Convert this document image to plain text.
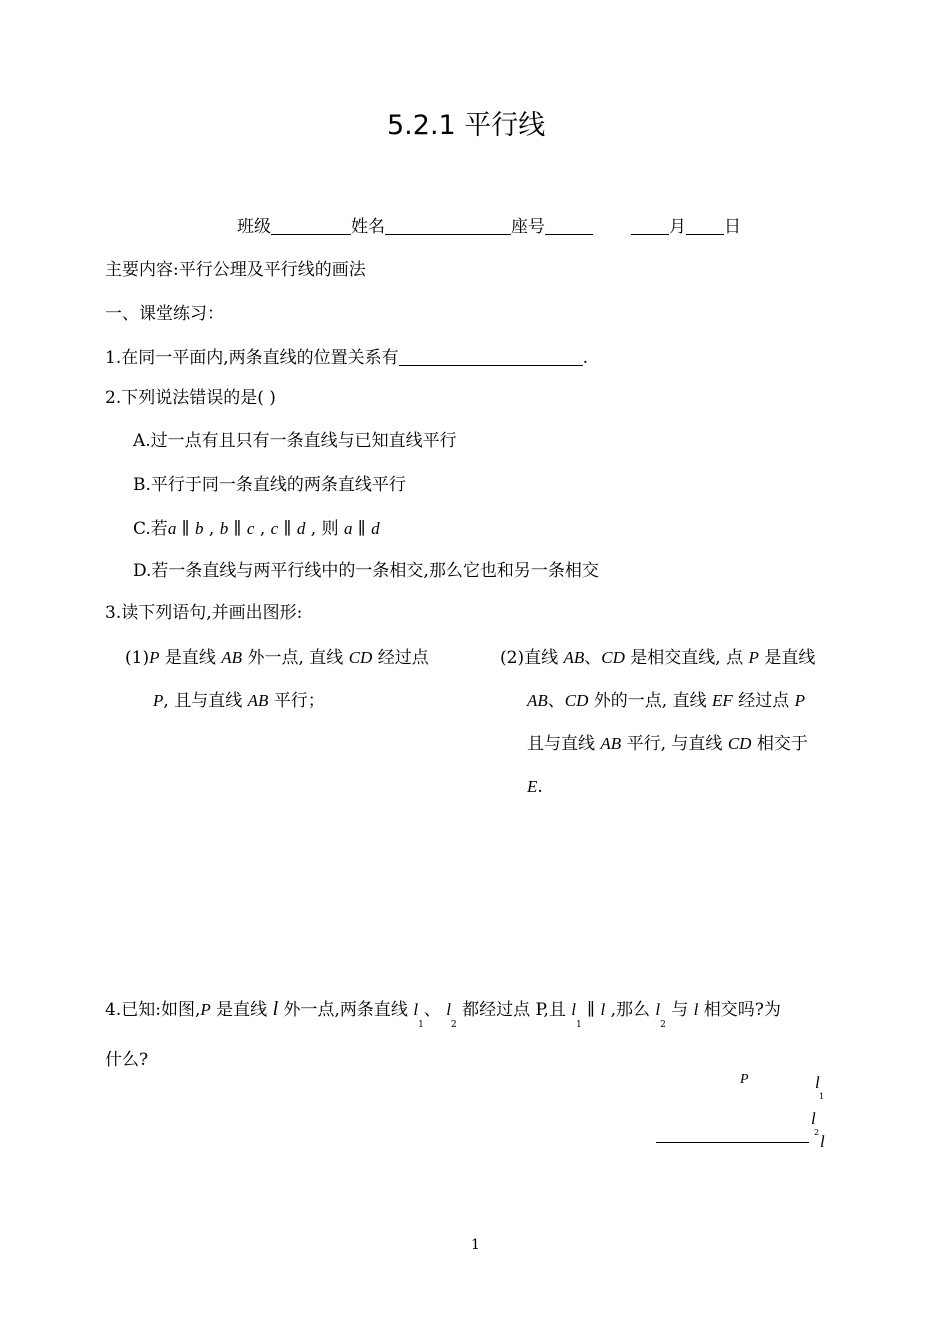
5.2.1 平行线
班级	姓名	座号	月 日
主要内容:平行公理及平行线的画法
一、课堂练习：
1.在同一平面内,两条直线的位置关系有	.
2.下列说法错误的是( )
A.过一点有且只有一条直线与已知直线平行
B.平行于同一条直线的两条直线平行
C.若a ∥ b , b ∥ c , c ∥ d , 则 a ∥ d
D.若一条直线与两平行线中的一条相交,那么它也和另一条相交
3.读下列语句,并画出图形:
(1)P 是直线 AB 外一点, 直线 CD 经过点
P, 且与直线 AB 平行；
(2)直线 AB、CD 是相交直线, 点 P 是直线
AB、CD 外的一点, 直线 EF 经过点 P
且与直线 AB 平行, 与直线 CD 相交于
E.
4.已知:如图,P 是直线 l 外一点,两条直线 $l_1$、 $l_2$ 都经过点 P,且 $l_1$ ∥ l ,那么 $l_2$ 与 l 相交吗?为
什么?
P	l
1
l
2 l
1
